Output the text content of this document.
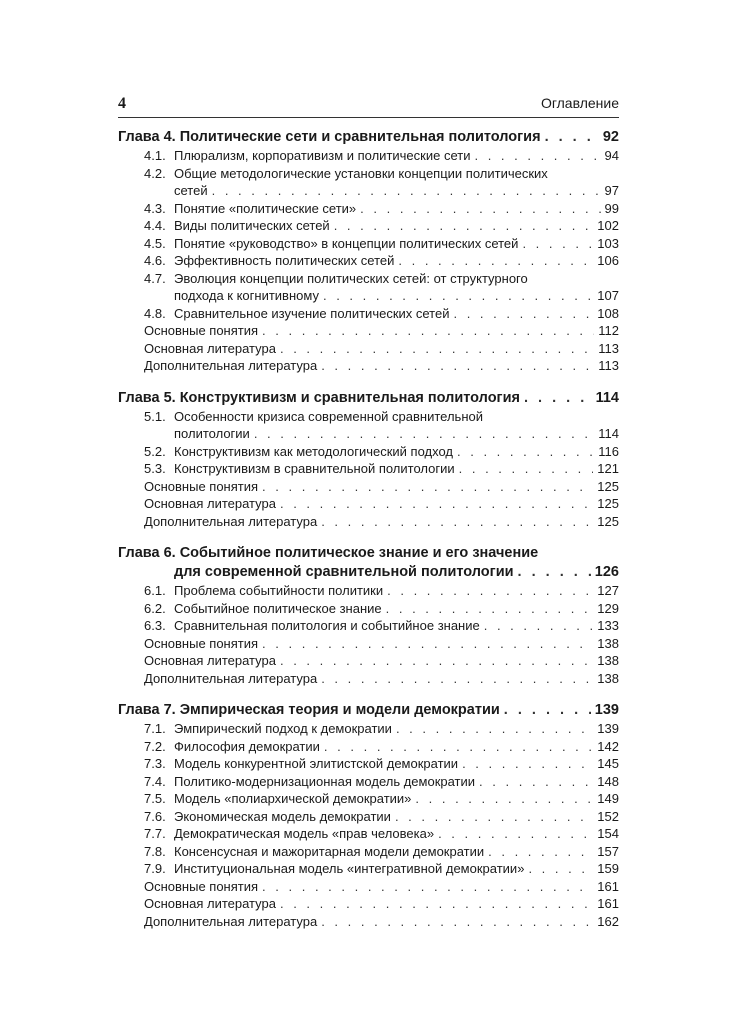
4	Оглавление
Глава 4. Политические сети и сравнительная политология . . .	92
4.1. Плюрализм, корпоративизм и политические сети . . .	94
4.2. Общие методологические установки концепции политических
сетей . . .	97
4.3. Понятие «политические сети» . . .	99
4.4. Виды политических сетей . . .	102
4.5. Понятие «руководство» в концепции политических сетей . . .	103
4.6. Эффективность политических сетей . . .	106
4.7. Эволюция концепции политических сетей: от структурного
подхода к когнитивному . . .	107
4.8. Сравнительное изучение политических сетей . . .	108
Основные понятия . . .	112
Основная литература . . .	113
Дополнительная литература . . .	113
Глава 5. Конструктивизм и сравнительная политология . . .	114
5.1. Особенности кризиса современной сравнительной
политологии . . .	114
5.2. Конструктивизм как методологический подход . . .	116
5.3. Конструктивизм в сравнительной политологии . . .	121
Основные понятия . . .	125
Основная литература . . .	125
Дополнительная литература . . .	125
Глава 6. Событийное политическое знание и его значение
для современной сравнительной политологии . . .	126
6.1. Проблема событийности политики . . .	127
6.2. Событийное политическое знание . . .	129
6.3. Сравнительная политология и событийное знание . . .	133
Основные понятия . . .	138
Основная литература . . .	138
Дополнительная литература . . .	138
Глава 7. Эмпирическая теория и модели демократии . . .	139
7.1. Эмпирический подход к демократии . . .	139
7.2. Философия демократии . . .	142
7.3. Модель конкурентной элитистской демократии . . .	145
7.4. Политико-модернизационная модель демократии . . .	148
7.5. Модель «полиархической демократии» . . .	149
7.6. Экономическая модель демократии . . .	152
7.7. Демократическая модель «прав человека» . . .	154
7.8. Консенсусная и мажоритарная модели демократии . . .	157
7.9. Институциональная модель «интегративной демократии» . . .	159
Основные понятия . . .	161
Основная литература . . .	161
Дополнительная литература . . .	162
